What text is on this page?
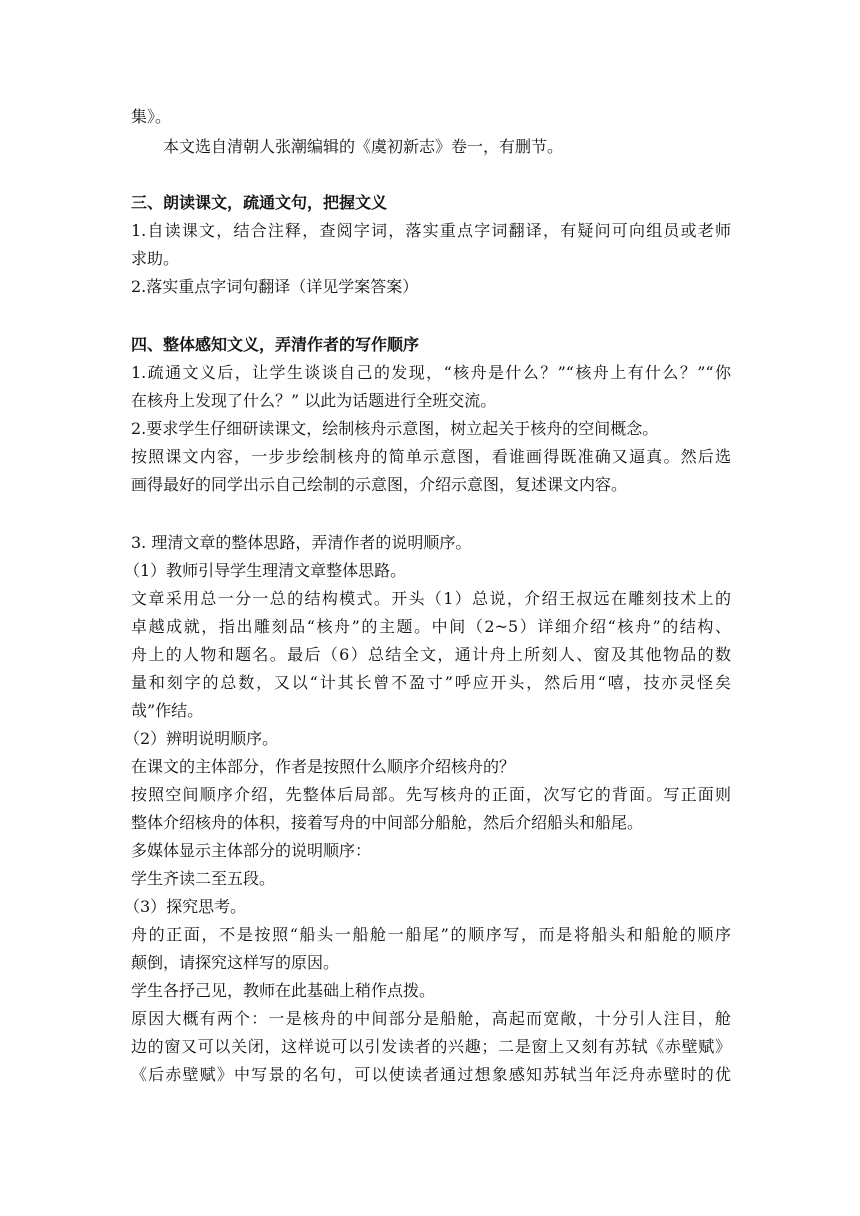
集》。
本文选自清朝人张潮编辑的《虞初新志》卷一，有删节。
三、朗读课文，疏通文句，把握文义
1.自读课文，结合注释，查阅字词，落实重点字词翻译，有疑问可向组员或老师
求助。
2.落实重点字词句翻译（详见学案答案）
四、整体感知文义，弄清作者的写作顺序
1.疏通文义后，让学生谈谈自己的发现，“核舟是什么？”“核舟上有什么？”“你
在核舟上发现了什么？” 以此为话题进行全班交流。
2.要求学生仔细研读课文，绘制核舟示意图，树立起关于核舟的空间概念。
按照课文内容，一步步绘制核舟的简单示意图，看谁画得既准确又逼真。然后选
画得最好的同学出示自己绘制的示意图，介绍示意图，复述课文内容。
3. 理清文章的整体思路，弄清作者的说明顺序。
（1）教师引导学生理清文章整体思路。
文章采用总一分一总的结构模式。开头（1）总说，介绍王叔远在雕刻技术上的
卓越成就，指出雕刻品“核舟”的主题。中间（2~5）详细介绍“核舟”的结构、
舟上的人物和题名。最后（6）总结全文，通计舟上所刻人、窗及其他物品的数
量和刻字的总数，又以“计其长曾不盈寸”呼应开头，然后用“嘻，技亦灵怪矣
哉”作结。
（2）辨明说明顺序。
在课文的主体部分，作者是按照什么顺序介绍核舟的？
按照空间顺序介绍，先整体后局部。先写核舟的正面，次写它的背面。写正面则
整体介绍核舟的体积，接着写舟的中间部分船舱，然后介绍船头和船尾。
多媒体显示主体部分的说明顺序：
学生齐读二至五段。
（3）探究思考。
舟的正面，不是按照“船头一船舱一船尾”的顺序写，而是将船头和船舱的顺序
颠倒，请探究这样写的原因。
学生各抒己见，教师在此基础上稍作点拨。
原因大概有两个：一是核舟的中间部分是船舱，高起而宽敞，十分引人注目，舱
边的窗又可以关闭，这样说可以引发读者的兴趣；二是窗上又刻有苏轼《赤壁赋》
《后赤壁赋》中写景的名句，可以使读者通过想象感知苏轼当年泛舟赤壁时的优
